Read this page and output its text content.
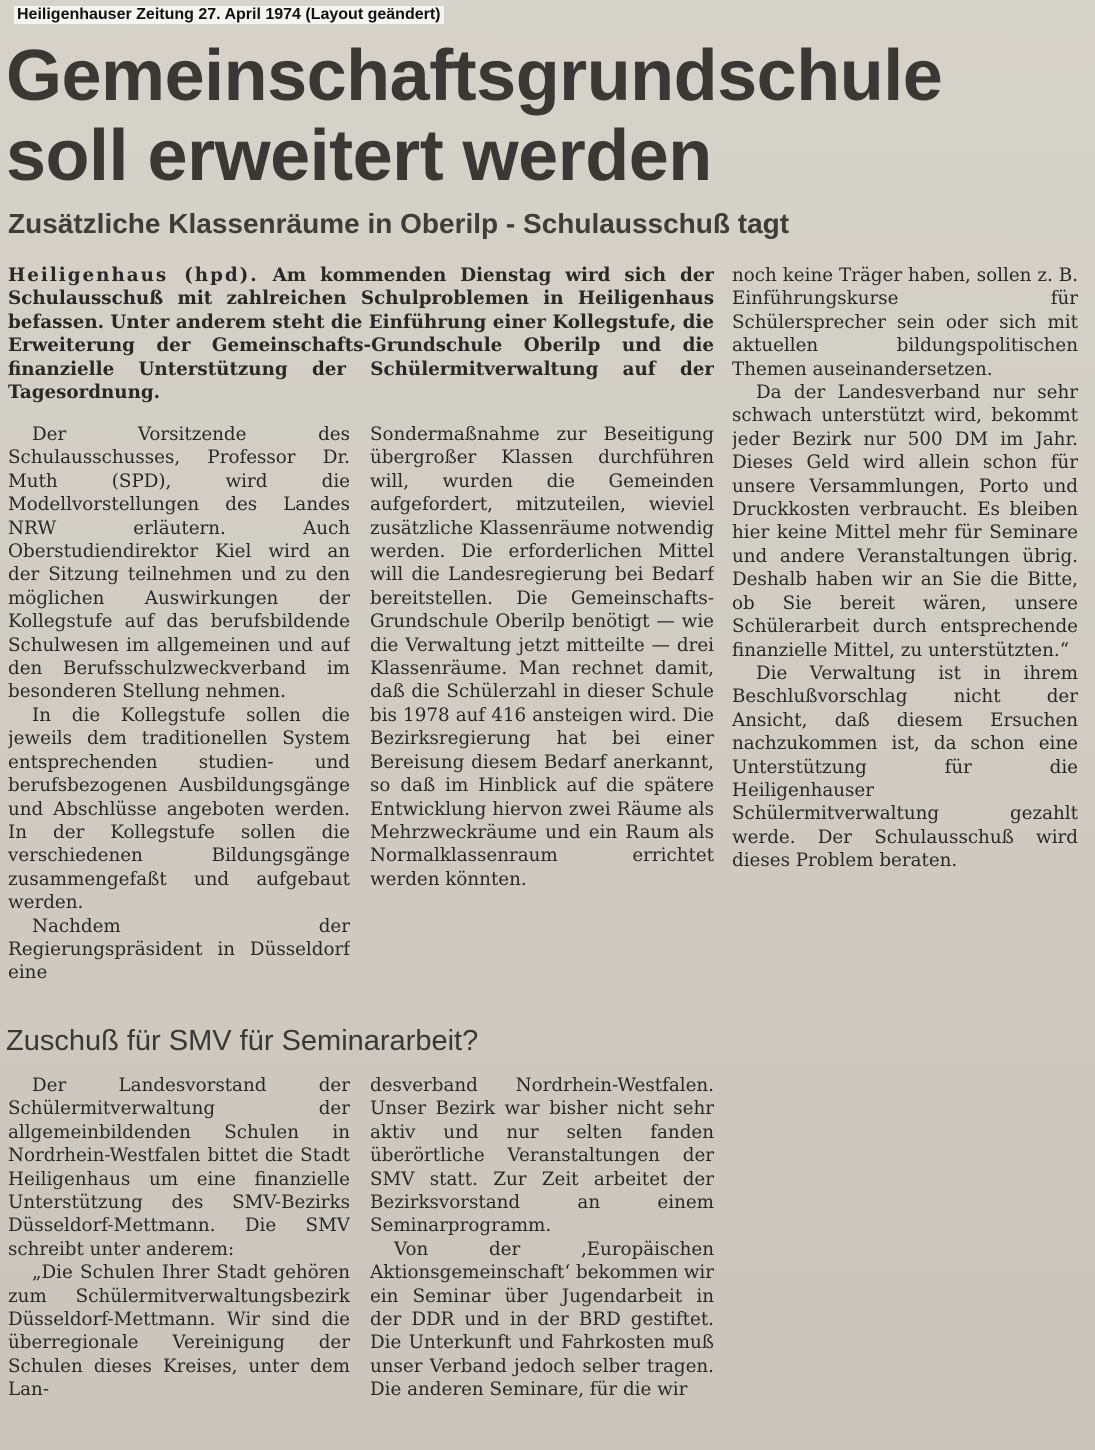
Heiligenhauser Zeitung 27. April 1974 (Layout geändert)
Gemeinschaftsgrundschule
soll erweitert werden
Zusätzliche Klassenräume in Oberilp - Schulausschuß tagt

Heiligenhaus (hpd). Am kommenden Dienstag wird sich der Schulausschuß mit zahlreichen Schulproblemen in Heiligenhaus befassen. Unter anderem steht die Einführung einer Kollegstufe, die Erweiterung der Gemeinschafts-Grundschule Oberilp und die finanzielle Unterstützung der Schülermitverwaltung auf der Tagesordnung.

Der Vorsitzende des Schulausschusses, Professor Dr. Muth (SPD), wird die Modellvorstellungen des Landes NRW erläutern. Auch Oberstudiendirektor Kiel wird an der Sitzung teilnehmen und zu den möglichen Auswirkungen der Kollegstufe auf das berufsbildende Schulwesen im allgemeinen und auf den Berufsschulzweckverband im besonderen Stellung nehmen.

In die Kollegstufe sollen die jeweils dem traditionellen System entsprechenden studien- und berufsbezogenen Ausbildungsgänge und Abschlüsse angeboten werden. In der Kollegstufe sollen die verschiedenen Bildungsgänge zusammengefaßt und aufgebaut werden.

Nachdem der Regierungspräsident in Düsseldorf eine

Sondermaßnahme zur Beseitigung übergroßer Klassen durchführen will, wurden die Gemeinden aufgefordert, mitzuteilen, wieviel zusätzliche Klassenräume notwendig werden. Die erforderlichen Mittel will die Landesregierung bei Bedarf bereitstellen. Die Gemeinschafts-Grundschule Oberilp benötigt — wie die Verwaltung jetzt mitteilte — drei Klassenräume. Man rechnet damit, daß die Schülerzahl in dieser Schule bis 1978 auf 416 ansteigen wird. Die Bezirksregierung hat bei einer Bereisung diesem Bedarf anerkannt, so daß im Hinblick auf die spätere Entwicklung hiervon zwei Räume als Mehrzweckräume und ein Raum als Normalklassenraum errichtet werden könnten.

noch keine Träger haben, sollen z. B. Einführungskurse für Schülersprecher sein oder sich mit aktuellen bildungspolitischen Themen auseinandersetzen.

Da der Landesverband nur sehr schwach unterstützt wird, bekommt jeder Bezirk nur 500 DM im Jahr. Dieses Geld wird allein schon für unsere Versammlungen, Porto und Druckkosten verbraucht. Es bleiben hier keine Mittel mehr für Seminare und andere Veranstaltungen übrig. Deshalb haben wir an Sie die Bitte, ob Sie bereit wären, unsere Schülerarbeit durch entsprechende finanzielle Mittel, zu unterstützten.“

Die Verwaltung ist in ihrem Beschlußvorschlag nicht der Ansicht, daß diesem Ersuchen nachzukommen ist, da schon eine Unterstützung für die Heiligenhauser Schülermitverwaltung gezahlt werde. Der Schulausschuß wird dieses Problem beraten.

Zuschuß für SMV für Seminararbeit?

Der Landesvorstand der Schülermitverwaltung der allgemeinbildenden Schulen in Nordrhein-Westfalen bittet die Stadt Heiligenhaus um eine finanzielle Unterstützung des SMV-Bezirks Düsseldorf-Mettmann. Die SMV schreibt unter anderem:

„Die Schulen Ihrer Stadt gehören zum Schülermitverwaltungsbezirk Düsseldorf-Mettmann. Wir sind die überregionale Vereinigung der Schulen dieses Kreises, unter dem Lan-

desverband Nordrhein-Westfalen. Unser Bezirk war bisher nicht sehr aktiv und nur selten fanden überörtliche Veranstaltungen der SMV statt. Zur Zeit arbeitet der Bezirksvorstand an einem Seminarprogramm.

Von der ‚Europäischen Aktionsgemeinschaft‘ bekommen wir ein Seminar über Jugendarbeit in der DDR und in der BRD gestiftet. Die Unterkunft und Fahrkosten muß unser Verband jedoch selber tragen. Die anderen Seminare, für die wir
